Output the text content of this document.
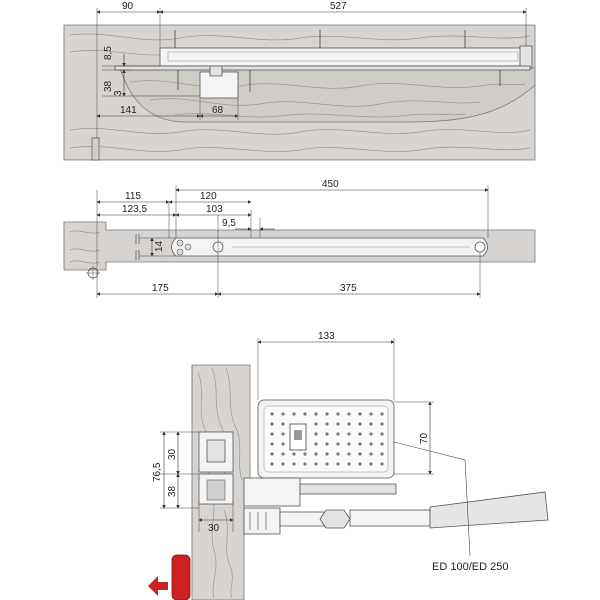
90	527
8,5
38
3
141	68
450
115	120
123,5	103
9,5
14
175	375
133
70
76,5
30
38
30
ED 100/ED 250
